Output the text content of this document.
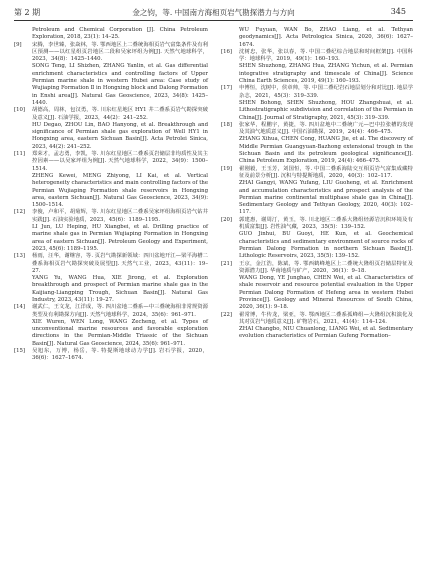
第 2 期	金之钧，等. 中国南方海相页岩气勘探潜力与方向	345
Petroleum and Chemical Corporation [J]. China Petroleum Exploration, 2018, 23(1): 14–25.
[9] 宋腾，李世臻，张焱林，等. 鄂西地区上二叠统海相页岩气富集条件及有利区预测——以红星组页岩地区二段和吴家坪组为例[J]. 天然气地球科学，2023，34(8)：1425–1440.
SONG Teng, LI Shizhen, ZHANG Yanlin, et al. Gas differential enrichment characteristics and controlling factors of Upper Permian marine shale in western Hubei area: Case study of Wujiaping Formation Ⅱ in Hongxing block and Dalong Formation in Enshi area[J]. Natural Gas Geoscience, 2023, 34(8): 1425–1440.
[10] 胡德高，周林，包汉勇，等. 川东红星地区 HY1 井二叠系页岩气勘探突破及意义[J]. 石油学报，2023，44(2)：241–252.
HU Degao, ZHOU Lin, BAO Hanyong, et al. Breakthrough and significance of Permian shale gas exploration of Well HY1 in Hongxing area, eastern Sichuan Basin[J]. Acta Petrolei Sinica, 2023, 44(2): 241–252.
[11] 郑荣才，孟志勇，李凯，等. 川东红星地区二叠系页岩储层非均质性及其主控因素——以吴家坪组为例[J]. 天然气地球科学，2022，34(9)：1500–1514.
ZHENG Kewei, MENG Zhiyong, LI Kai, et al. Vertical heterogeneity characteristics and main controlling factors of the Permian Wujiaping Formation shale reservoirs in Hongxing area, eastern Sichuan[J]. Natural Gas Geoscience, 2023, 34(9): 1500–1514.
[12] 李俊，卢和平，胡菊辉，等. 川东红星地区二叠系吴家坪组海相页岩气钻井实践[J]. 石油实验地质，2023，45(6)：1189–1195.
LI Jun, LU Heping, HU Xiangbei, et al. Drilling practice of marine shale gas in Permian Wujiaping Formation in Hongxing area of eastern Sichuan[J]. Petroleum Geology and Experiment, 2023, 45(6): 1189–1195.
[13] 杨雨，汪华，谢继容，等. 页岩气勘探新领域：四川盆地开江—梁平海槽二叠系海相页岩气勘探突破及展望[J]. 天然气工业，2023，43(11)：19–27.
YANG Yu, WANG Hua, XIE Jirong, et al. Exploration breakthrough and prospect of Permian marine shale gas in the Kaijiang-Liangping Trough, Sichuan Basin[J]. Natural Gas Industry, 2023, 43(11): 19–27.
[14] 谢武仁，王文龙，江洋成，等. 四川盆地二叠系—中三叠统海相非常规资源类型及有利勘探方向[J]. 天然气地球科学，2024，35(6)：961–971.
XIE Wuren, WEN Long, WANG Zecheng, et al. Types of unconventional marine resources and favorable exploration directions in the Permian-Middle Triassic of the Sichuan Basin[J]. Natural Gas Geoscience, 2024, 35(6): 961–971.
[15] 吴旭东，万博，杨岳，等. 特提斯地球动力学[J]. 岩石学报，2020，36(6)：1627–1674.
WU Fuyuan, WAN Bo, ZHAO Liang, et al. Tethyan geodynamics[J]. Acta Petrologica Sinica, 2020, 36(6): 1627–1674.
[16] 沈树忠，张华，张以春，等. 中国二叠纪综合地层和时间框架[J]. 中国科学：地球科学，2019，49(1)：160–193.
SHEN Shuzhong, ZHANG Hua, ZHANG Yichun, et al. Permian integrative stratigraphy and timescale of China[J]. Science China Earth Sciences, 2019, 49(1): 160–193.
[17] 申博恒，沈树中，侯章帅，等. 中国二叠纪岩石地层划分和对比[J]. 地层学杂志，2021，45(3)：319–339.
SHEN Bohong, SHEN Shuzhong, HOU Zhangshuai, et al. Lithostratigraphic subdivision and correlation of the Permian in China[J]. Journal of Stratigraphy, 2021, 45(3): 319–339.
[18] 张家华，程鹏宇，黄捷，等. 四川盆地中二叠统广元—巴中拉张槽的发现及其油气地质意义[J]. 中国石油勘探，2019，24(4)：466–475.
ZHANG Xihua, CHEN Cong, HUANG Jie, et al. The discovery of Middle Permian Guangyuan-Bazhong extensional trough in the Sichuan Basin and its petroleum geological significance[J]. China Petroleum Exploration, 2019, 24(4): 466–475.
[19] 翟刚毅，王玉芳，刘国恒，等. 中国二叠系海陆交互相页岩气富集成藏特征及前景分析[J]. 沉积与特提斯地质，2020，40(3)：102–117.
ZHAI Gangyi, WANG Yufang, LIU Guoheng, et al. Enrichment and accumulation characteristics and prospect analysis of the Permian marine continental multiphase shale gas in China[J]. Sedimentary Geology and Tethyan Geology, 2020, 40(3): 102–117.
[20] 郭建惠，谢周汀，黄玉，等. 川北地区二叠系大隆组烃源岩沉积环境及有机质富集[J]. 岩性油气藏，2023，35(5)：139–152.
GUO Jinhui, BU Guoyi, HE Kun, et al. Geochemical characteristics and sedimentary environment of source rocks of Permian Dalong Formation in northern Sichuan Basin[J]. Lithologic Reservoirs, 2023, 35(5): 139–152.
[21] 王京，金江浩，陈斌，等. 鄂西鹤峰地区上二叠统大隆组页岩储层特征及资源潜力[J]. 华南地质与矿产，2020，36(1)：9–18.
WANG Dong, YE Junghao, CHEN Wei, et al. Characteristics of shale reservoir and resource potential evaluation in the Upper Permian Dalong Formation of Hefeng area in western Hubei Province[J]. Geology and Mineral Resources of South China, 2020, 36(1): 9–18.
[22] 翟常博，牛传龙，梁亚，等. 鄂西地区二叠系孤峰组—大隆组沉积演化及其对页岩气地质意义[J]. 矿物岩石，2021，41(4)：114–124.
ZHAI Changbo, NIU Chuanlong, LIANG Wei, et al. Sedimentary evolution characteristics of Permian Gufeng Formation–
